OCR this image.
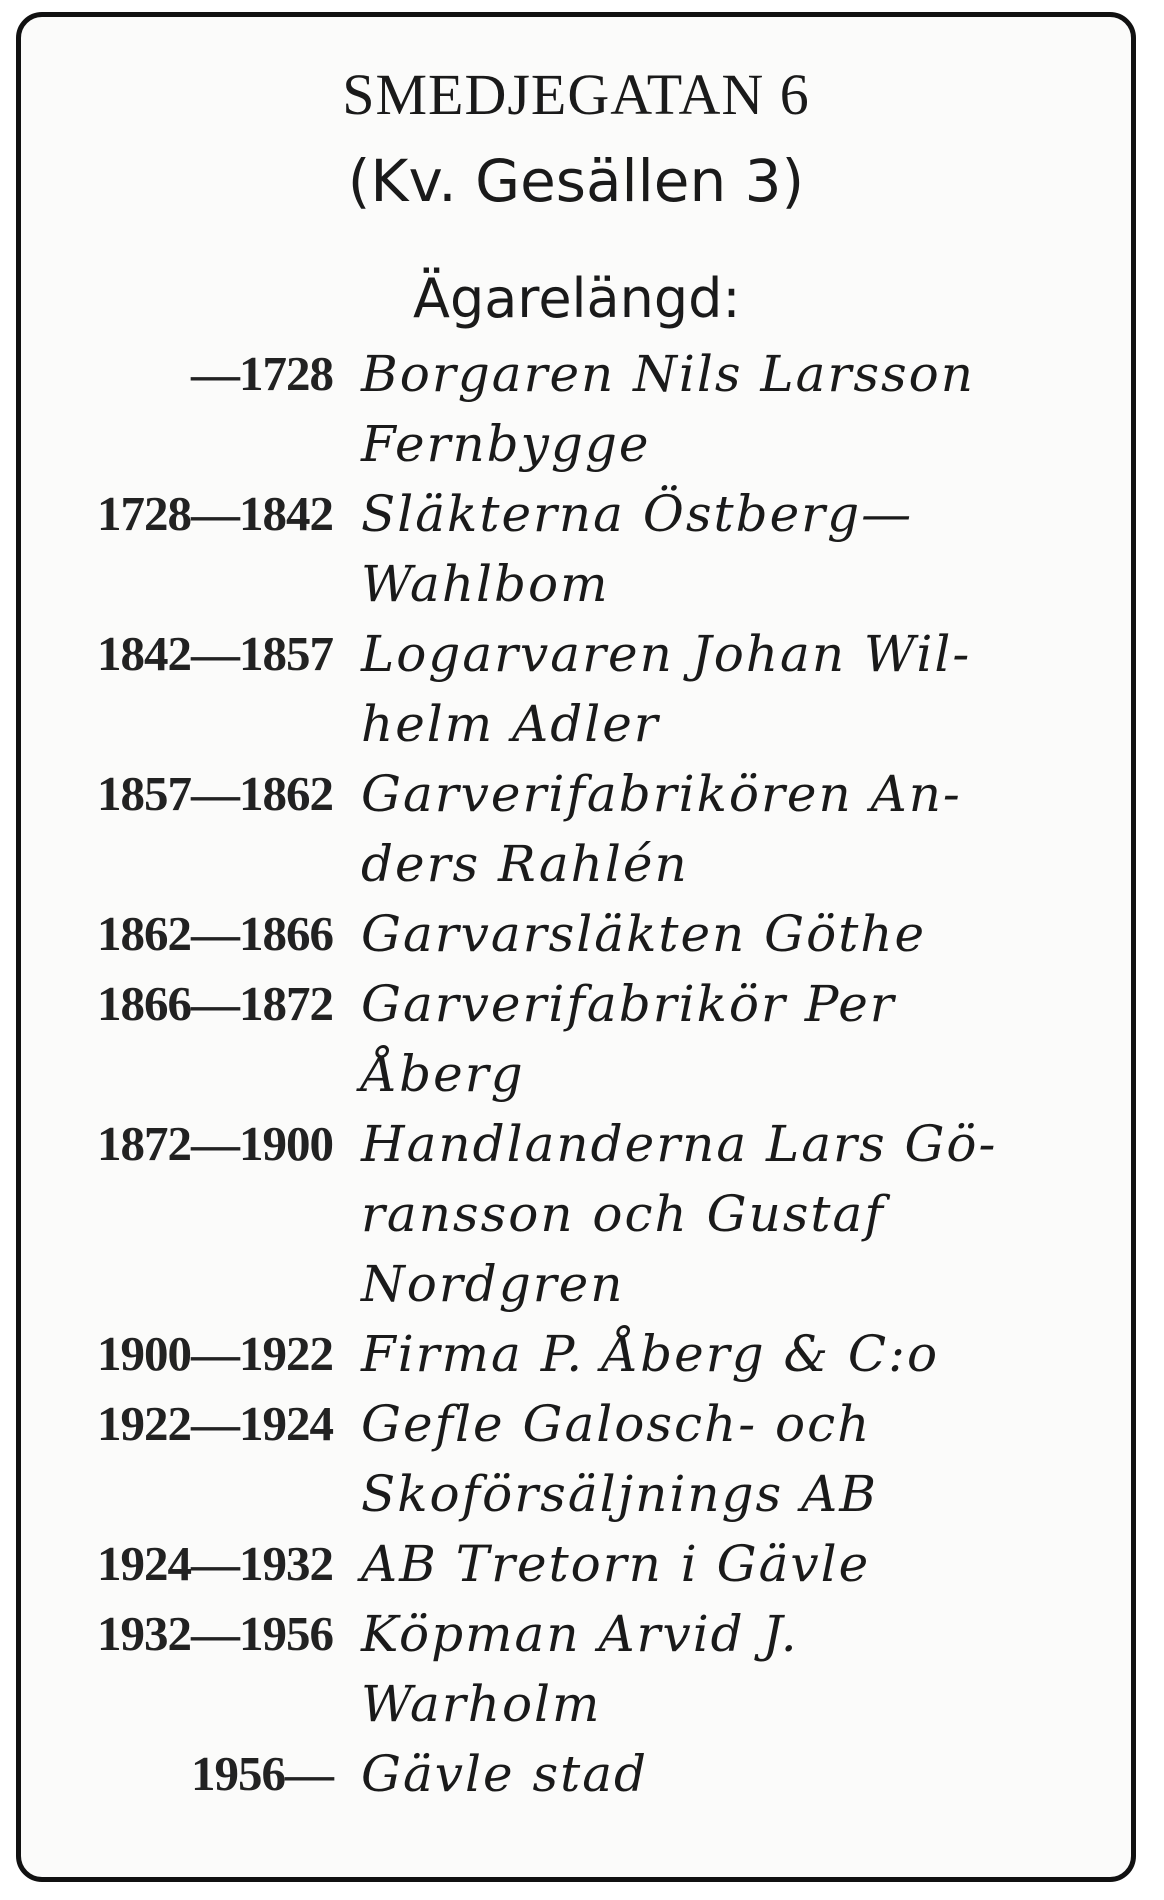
SMEDJEGATAN 6
(Kv. Gesällen 3)
Ägarelängd:
—1728 Borgaren Nils Larsson
Fernbygge
1728—1842 Släkterna Östberg—
Wahlbom
1842—1857 Logarvaren Johan Wil-
helm Adler
1857—1862 Garverifabrikören An-
ders Rahlén
1862—1866 Garvarsläkten Göthe
1866—1872 Garverifabrikör Per
Åberg
1872—1900 Handlanderna Lars Gö-
ransson och Gustaf
Nordgren
1900—1922 Firma P. Åberg & C:o
1922—1924 Gefle Galosch- och
Skoförsäljnings AB
1924—1932 AB Tretorn i Gävle
1932—1956 Köpman Arvid J.
Warholm
1956— Gävle stad
